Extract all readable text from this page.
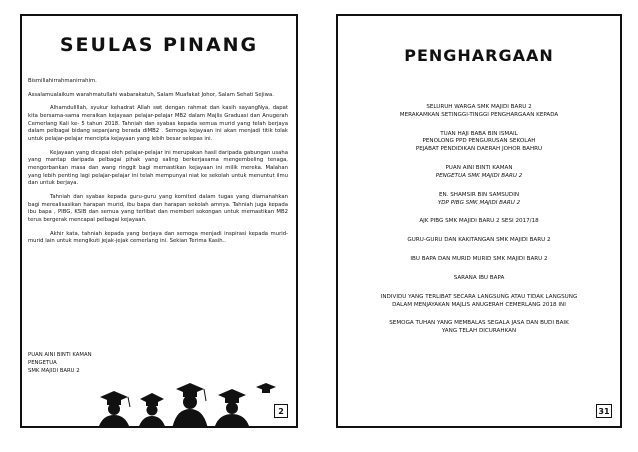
SEULAS PINANG

Bismillahirrahmanirrahim.

Assalamualaikum warahmatullahi wabarakatuh, Salam Muafakat Johor, Salam Sehati Sejiwa.

Alhamdulillah, syukur kehadrat Allah swt dengan rahmat dan kasih sayangNya, dapat kita bersama-sama meraikan kejayaan pelajar-pelajar MB2 dalam Majlis Graduasi dan Anugerah Cemerlang Kali ke- 5 tahun 2018. Tahniah dan syabas kepada semua murid yang telah berjaya dalam pelbagai bidang sepanjang berada diMB2 . Semoga kejayaan ini akan menjadi titik tolak untuk pelajar-pelajar mencipta kejayaan yang lebih besar selepas ini.

Kejayaan yang dicapai oleh pelajar-pelajar ini merupakan hasil daripada gabungan usaha yang mantap daripada pelbagai pihak yang saling berkerjasama mengembeling tenaga, mengorbankan masa dan wang ringgit bagi memastikan kejayaan ini milik mereka. Malahan yang lebih penting lagi pelajar-pelajar ini telah mempunyai niat ke sekolah untuk menuntut ilmu dan untuk berjaya.

Tahniah dan syabas kepada guru-guru yang komited dalam tugas yang diamanahkan bagi merealisasikan harapan murid, ibu bapa dan harapan sekolah amnya. Tahniah juga kepada ibu bapa , PIBG, KSIB dan semua yang terlibat dan memberi sokongan untuk memastikan MB2 terus bergerak mencapai pelbagai kejayaan.

Akhir kata, tahniah kepada yang berjaya dan semoga menjadi inspirasi kepada murid-murid lain untuk mengikuti jejak-jejak cemerlang ini. Sekian Terima Kasih..

PUAN AINI BINTI KAMAN
PENGETUA
SMK MAJIDI BARU 2
2
PENGHARGAAN
SELURUH WARGA SMK MAJIDI BARU 2
MERAKAMKAN SETINGGI-TINGGI PENGHARGAAN KEPADA
TUAN HAJI BABA BIN ISMAIL
PENOLONG PPD PENGURUSAN SEKOLAH
PEJABAT PENDIDIKAN DAERAH JOHOR BAHRU
PUAN AINI BINTI KAMAN
PENGETUA SMK MAJIDI BARU 2
EN. SHAMSIR BIN SAMSUDIN
YDP PIBG SMK MAJIDI BARU 2
AJK PIBG SMK MAJIDI BARU 2 SESI 2017/18
GURU-GURU DAN KAKITANGAN SMK MAJIDI BARU 2
IBU BAPA DAN MURID MURID SMK MAJIDI BARU 2
SARANA IBU BAPA
INDIVIDU YANG TERLIBAT SECARA LANGSUNG ATAU TIDAK LANGSUNG
DALAM MENJAYAKAN MAJLIS ANUGERAH CEMERLANG 2018 INI
SEMOGA TUHAN YANG MEMBALAS SEGALA JASA DAN BUDI BAIK
YANG TELAH DICURAHKAN
31
